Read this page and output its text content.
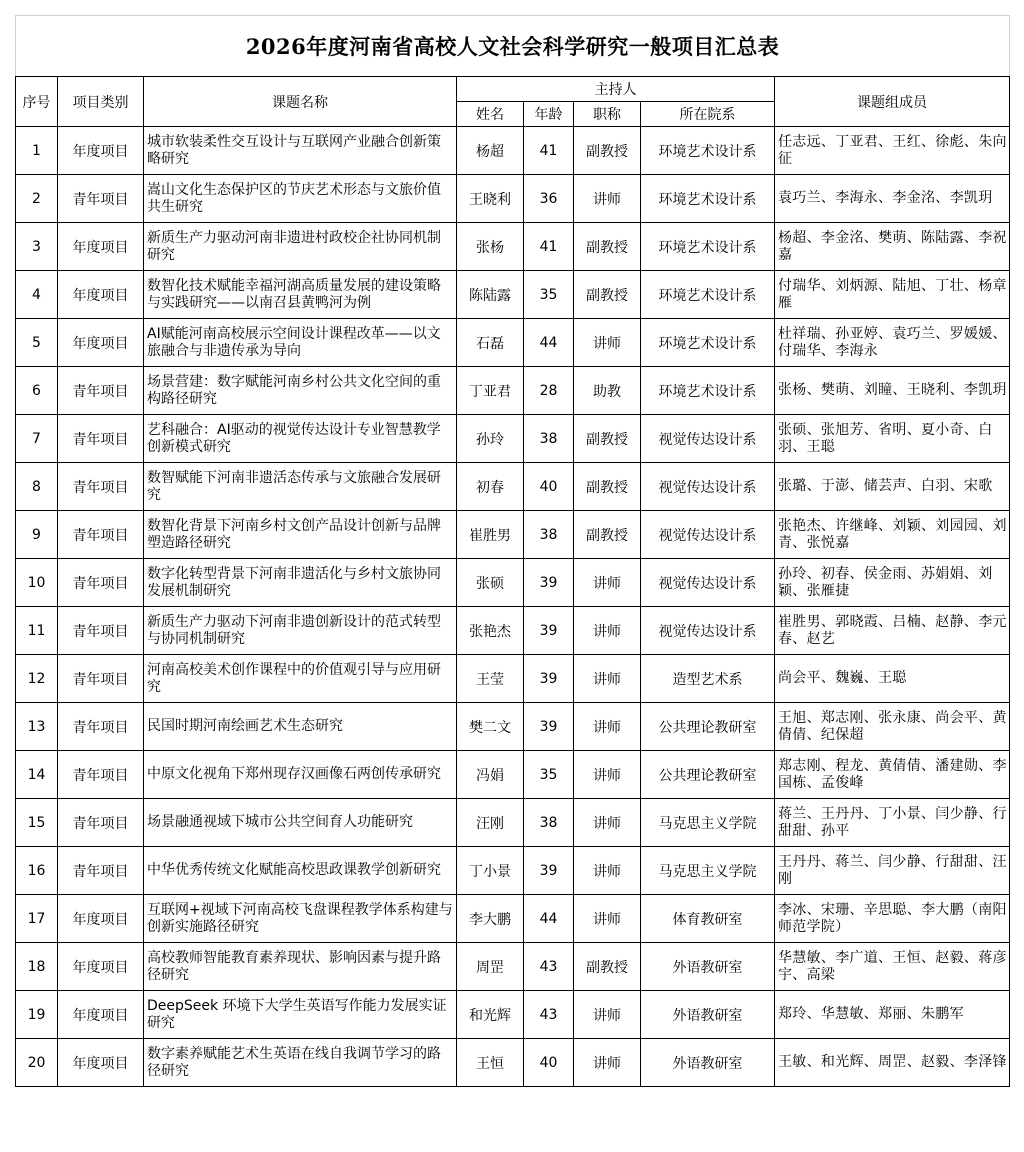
2026年度河南省高校人文社会科学研究一般项目汇总表							
序号	项目类别	课题名称	主持人				课题组成员
			姓名	年龄	职称	所在院系	
1	年度项目	城市软装柔性交互设计与互联网产业融合创新策略研究	杨超	41	副教授	环境艺术设计系	任志远、丁亚君、王红、徐彪、朱向征
2	青年项目	嵩山文化生态保护区的节庆艺术形态与文旅价值共生研究	王晓利	36	讲师	环境艺术设计系	袁巧兰、李海永、李金洺、李凯玥
3	年度项目	新质生产力驱动河南非遗进村政校企社协同机制研究	张杨	41	副教授	环境艺术设计系	杨超、李金洺、樊萌、陈陆露、李祝嘉
4	年度项目	数智化技术赋能幸福河湖高质量发展的建设策略与实践研究——以南召县黄鸭河为例	陈陆露	35	副教授	环境艺术设计系	付瑞华、刘炳源、陆旭、丁壮、杨章雁
5	年度项目	AI赋能河南高校展示空间设计课程改革——以文旅融合与非遗传承为导向	石磊	44	讲师	环境艺术设计系	杜祥瑞、孙亚婷、袁巧兰、罗媛媛、付瑞华、李海永
6	青年项目	场景营建：数字赋能河南乡村公共文化空间的重构路径研究	丁亚君	28	助教	环境艺术设计系	张杨、樊萌、刘瞳、王晓利、李凯玥
7	青年项目	艺科融合：AI驱动的视觉传达设计专业智慧教学创新模式研究	孙玲	38	副教授	视觉传达设计系	张硕、张旭芳、省明、夏小奇、白羽、王聪
8	青年项目	数智赋能下河南非遗活态传承与文旅融合发展研究	初春	40	副教授	视觉传达设计系	张璐、于澎、储芸声、白羽、宋歌
9	青年项目	数智化背景下河南乡村文创产品设计创新与品牌塑造路径研究	崔胜男	38	副教授	视觉传达设计系	张艳杰、许继峰、刘颖、刘园园、刘青、张悦嘉
10	青年项目	数字化转型背景下河南非遗活化与乡村文旅协同发展机制研究	张硕	39	讲师	视觉传达设计系	孙玲、初春、侯金雨、苏娟娟、刘颖、张雁捷
11	青年项目	新质生产力驱动下河南非遗创新设计的范式转型与协同机制研究	张艳杰	39	讲师	视觉传达设计系	崔胜男、郭晓霞、吕楠、赵静、李元春、赵艺
12	青年项目	河南高校美术创作课程中的价值观引导与应用研究	王莹	39	讲师	造型艺术系	尚会平、魏巍、王聪
13	青年项目	民国时期河南绘画艺术生态研究	樊二文	39	讲师	公共理论教研室	王旭、郑志刚、张永康、尚会平、黄倩倩、纪保超
14	青年项目	中原文化视角下郑州现存汉画像石两创传承研究	冯娟	35	讲师	公共理论教研室	郑志刚、程龙、黄倩倩、潘建勋、李国栋、孟俊峰
15	青年项目	场景融通视域下城市公共空间育人功能研究	汪刚	38	讲师	马克思主义学院	蒋兰、王丹丹、丁小景、闫少静、行甜甜、孙平
16	青年项目	中华优秀传统文化赋能高校思政课教学创新研究	丁小景	39	讲师	马克思主义学院	王丹丹、蒋兰、闫少静、行甜甜、汪刚
17	年度项目	互联网+视域下河南高校飞盘课程教学体系构建与创新实施路径研究	李大鹏	44	讲师	体育教研室	李冰、宋珊、辛思聪、李大鹏（南阳师范学院）
18	年度项目	高校教师智能教育素养现状、影响因素与提升路径研究	周罡	43	副教授	外语教研室	华慧敏、李广道、王恒、赵毅、蒋彦宇、高梁
19	年度项目	DeepSeek 环境下大学生英语写作能力发展实证研究	和光辉	43	讲师	外语教研室	郑玲、华慧敏、郑丽、朱鹏军
20	年度项目	数字素养赋能艺术生英语在线自我调节学习的路径研究	王恒	40	讲师	外语教研室	王敏、和光辉、周罡、赵毅、李泽锋
